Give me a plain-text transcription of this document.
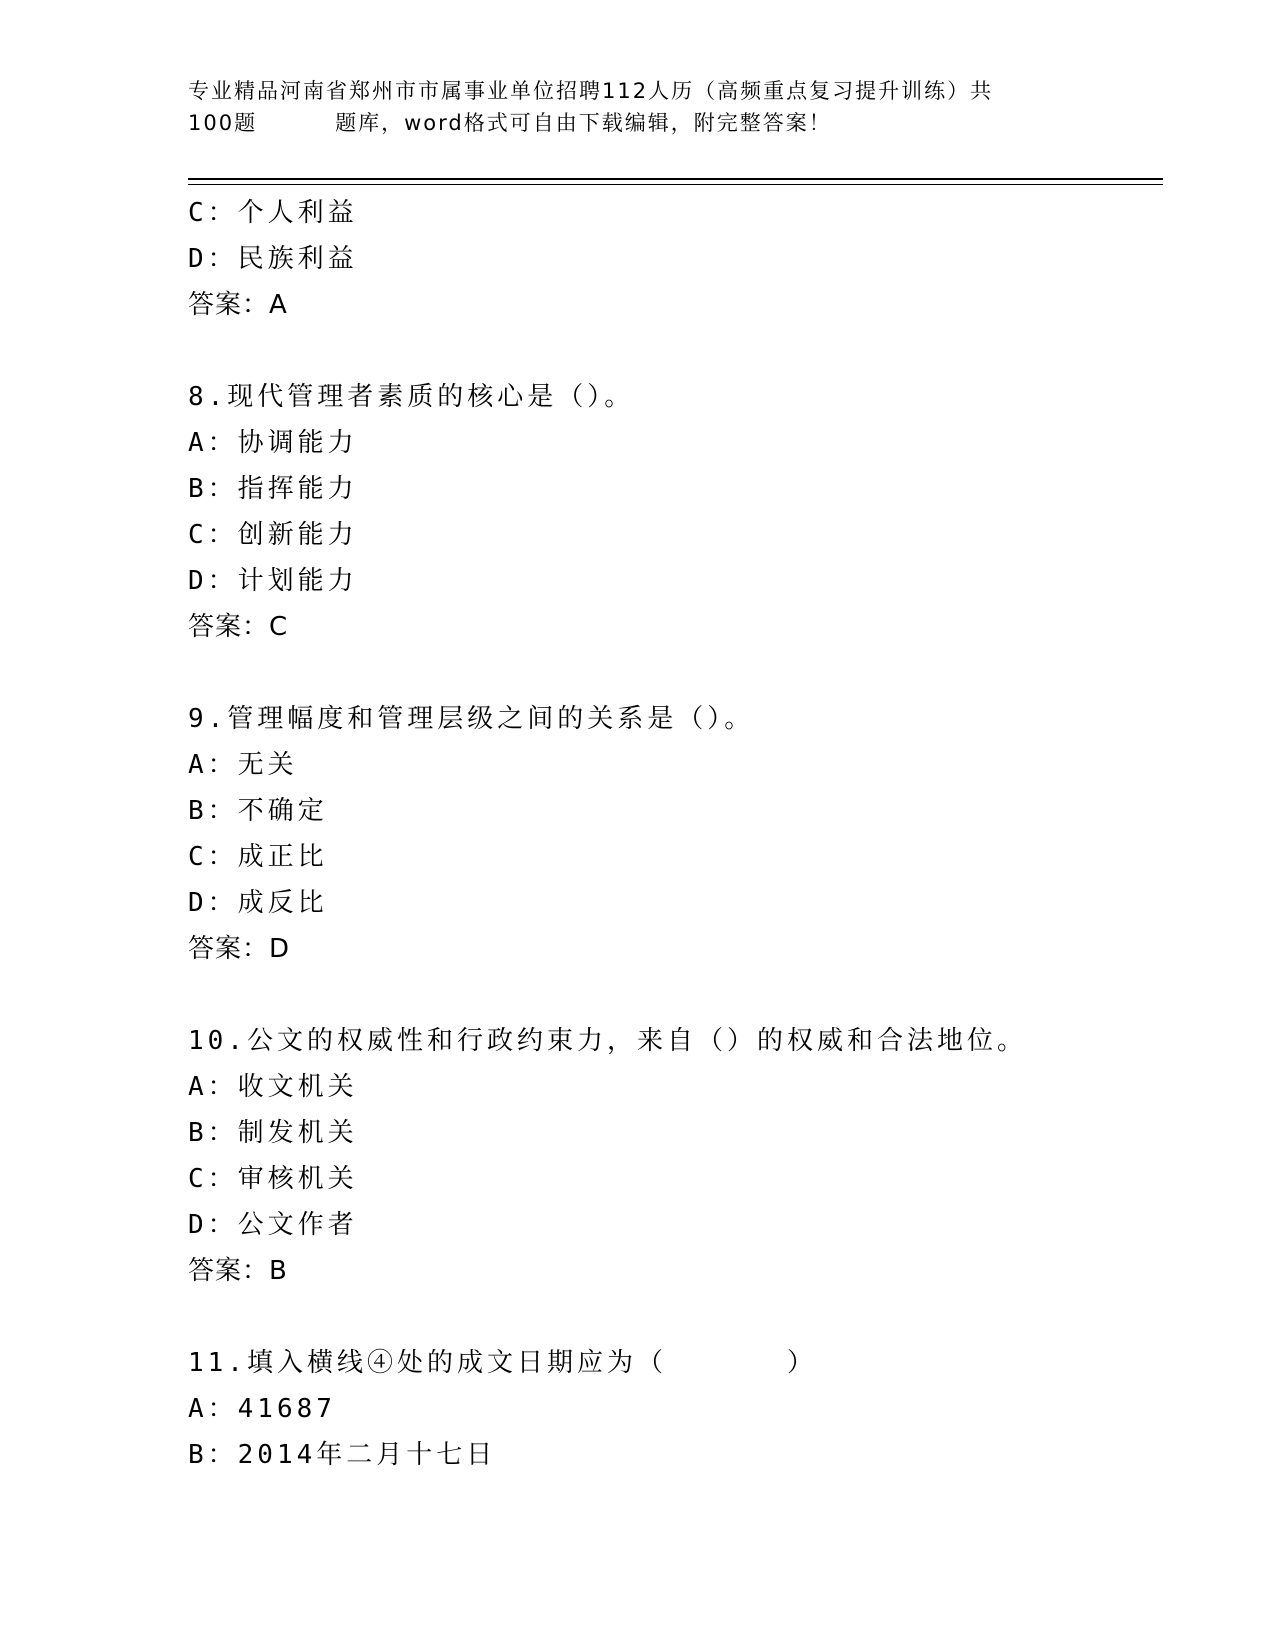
专业精品河南省郑州市市属事业单位招聘112人历（高频重点复习提升训练）共
100题	题库，word格式可自由下载编辑，附完整答案！
C：个人利益
D：民族利益
答案：A
8.现代管理者素质的核心是（）。
A：协调能力
B：指挥能力
C：创新能力
D：计划能力
答案：C
9.管理幅度和管理层级之间的关系是（）。
A：无关
B：不确定
C：成正比
D：成反比
答案：D
10.公文的权威性和行政约束力，来自（）的权威和合法地位。
A：收文机关
B：制发机关
C：审核机关
D：公文作者
答案：B
11.填入横线④处的成文日期应为（	）
A：41687
B：2014年二月十七日
